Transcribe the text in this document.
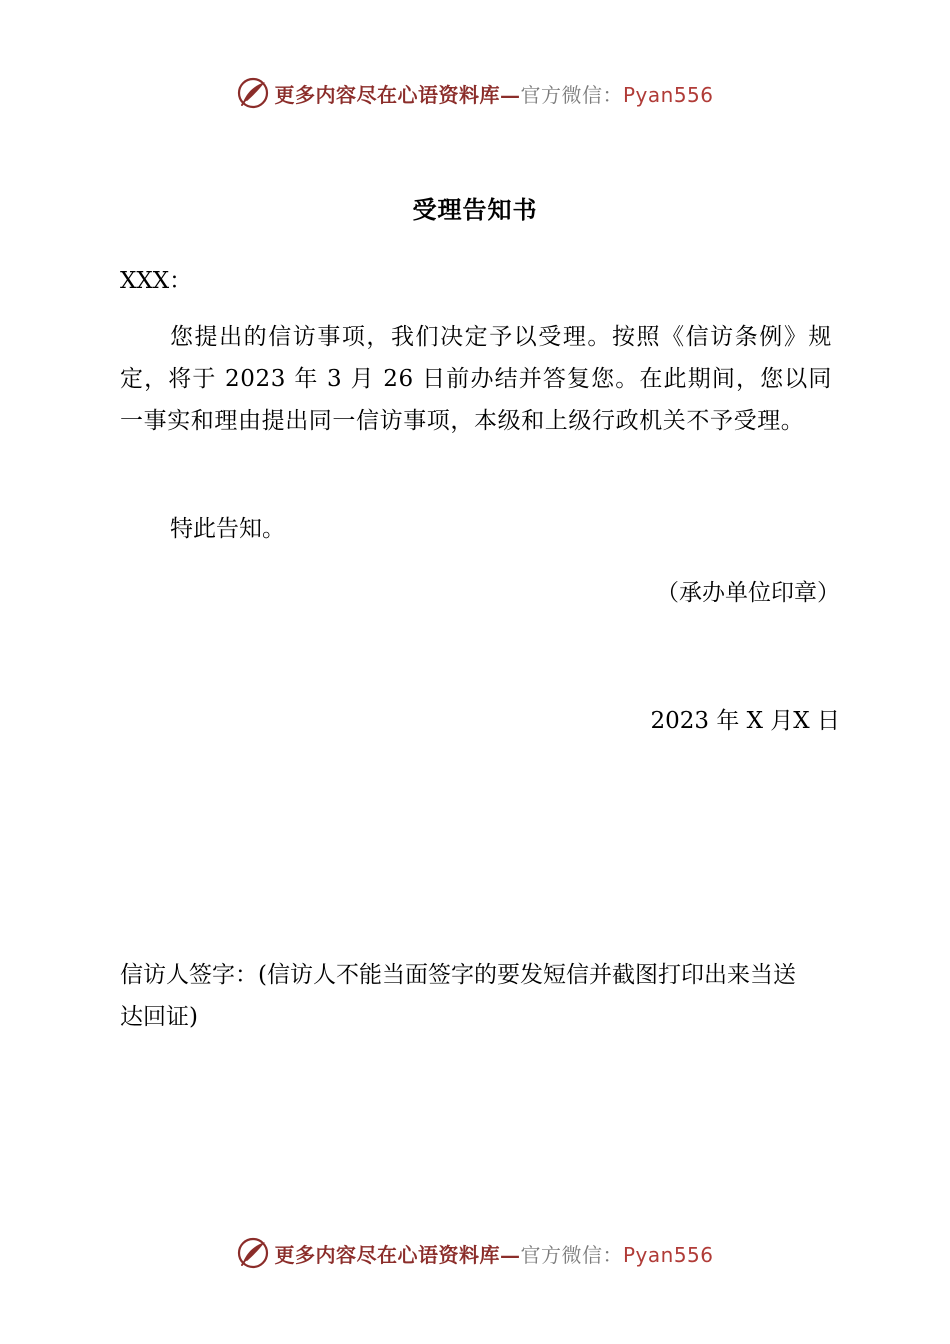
更多内容尽在心语资料库—官方微信：Pyan556
受理告知书
XXX：
您提出的信访事项，我们决定予以受理。按照《信访条例》规定，将于 2023 年 3 月 26 日前办结并答复您。在此期间，您以同一事实和理由提出同一信访事项，本级和上级行政机关不予受理。
特此告知。
（承办单位印章）
2023 年 X 月X 日
信访人签字：(信访人不能当面签字的要发短信并截图打印出来当送达回证)
更多内容尽在心语资料库—官方微信：Pyan556
